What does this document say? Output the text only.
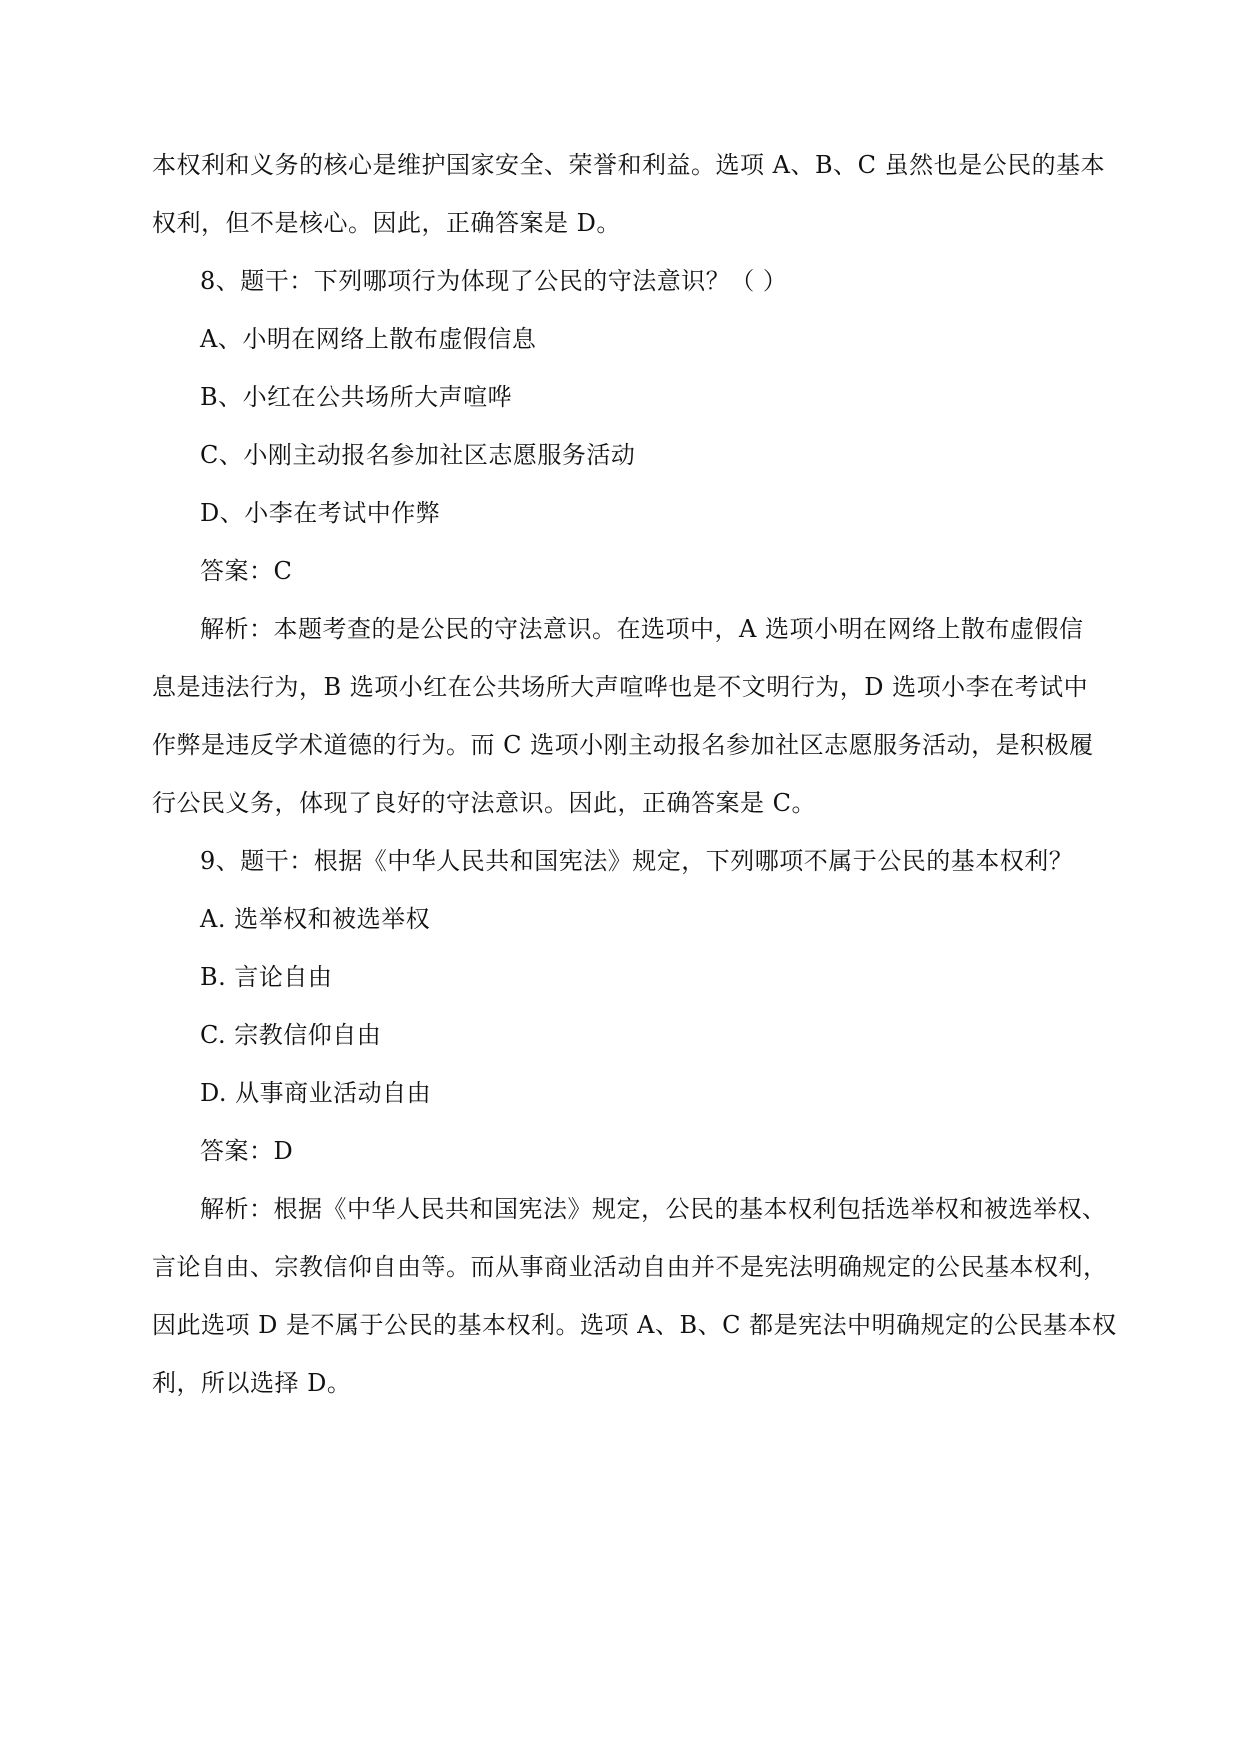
本权利和义务的核心是维护国家安全、荣誉和利益。选项 A、B、C 虽然也是公民的基本
权利，但不是核心。因此，正确答案是 D。
8、题干：下列哪项行为体现了公民的守法意识？（ ）
A、小明在网络上散布虚假信息
B、小红在公共场所大声喧哗
C、小刚主动报名参加社区志愿服务活动
D、小李在考试中作弊
答案：C
解析：本题考查的是公民的守法意识。在选项中，A 选项小明在网络上散布虚假信
息是违法行为，B 选项小红在公共场所大声喧哗也是不文明行为，D 选项小李在考试中
作弊是违反学术道德的行为。而 C 选项小刚主动报名参加社区志愿服务活动，是积极履
行公民义务，体现了良好的守法意识。因此，正确答案是 C。
9、题干：根据《中华人民共和国宪法》规定，下列哪项不属于公民的基本权利？
A. 选举权和被选举权
B. 言论自由
C. 宗教信仰自由
D. 从事商业活动自由
答案：D
解析：根据《中华人民共和国宪法》规定，公民的基本权利包括选举权和被选举权、
言论自由、宗教信仰自由等。而从事商业活动自由并不是宪法明确规定的公民基本权利，
因此选项 D 是不属于公民的基本权利。选项 A、B、C 都是宪法中明确规定的公民基本权
利，所以选择 D。
